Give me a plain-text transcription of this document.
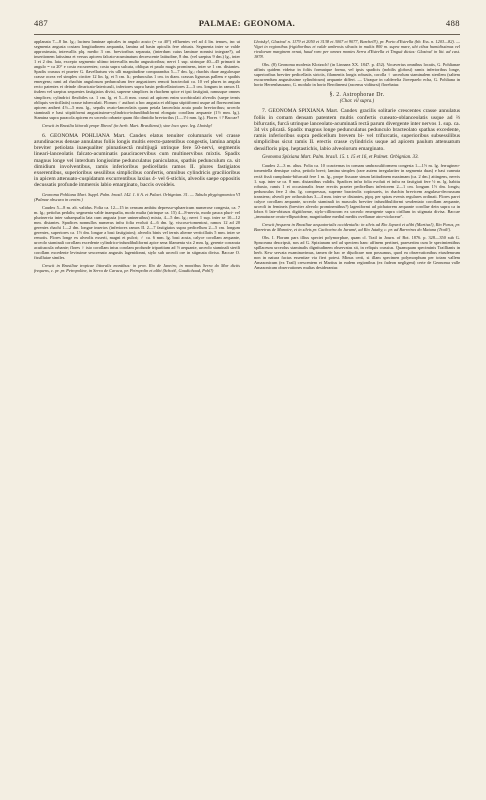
487	PALMAE: GEONOMA.	488

applanata 7—8 lin. lg.; lacinea laminae apicales in angulo acuto (= ca 40°) effluentes vel ad 4 lin. tenues, inc ut segmenta angusta costam longitudinem aequantia, lamina ad basin apiculis fere obtusis. Segmenta inter se valde approximata, intervallis plq. medio 3 cm. brevioribus separata, (interdum cuius laminae nonnisi integrae?), ad insertionem latissima et versus apicem falcato-acuminatum decrescente latitudine, 8 dm. (vel saepius 9 dm.) lg., inter 1 et 2 dm. lata, excepto segmento ultimo intervallis multo angustioribus; nervi 1 sup. utrinque 40—45 primarii in angulo = ca 20° e costa excurrentes; costa supra sulcata, obliqua et paulo magis prominens, inter se 1 cm. distantes. Spadix crassus et praeter G. flavellarium vix ulli magnitudine comparandus 5—7 dm. lg.; rhachis duae angulosque crasse ocrea vel simplex circiter 12 lin. lg. et 5 cm. lt.; pedunculus 1 cm. in diam. crassus lignosus pallens e spathis emergens; rami ad rhachin angulosum pedunculum fere angustiores remoti bracteolati ca. 10 vel plures in angulo recto patentes et deinde divaricato-latericauli, inferiores supra basin pedicellatoriores 2—3 cm. longum in ramos II. iisdem vel saepius sequentes fastigiatos divisi, superne simplices in rhachem spice et ipsi fastigiati, ramusque omnes simplices; cylindrici flexibiles ca. 1 cm. lg. et 5—6 mm. crassi ad apicem enim scrobiculati alveolis (saepe ternis obliquis verticillatis) crasse tuberculati. Florum ♂ authori a hoc angusta et obliqua stipitiformi usque ad florescentiam apicem antheri 4½—5 mm. lg., sepalis ovato-lanceolatis quam petala lanceolata acuta paulo brevioribus; urceolo staminali e basi stipitiformi angustissime-cylindrico-infundibuliformi elongato corollam aequante (1½ mm. lg.). Stamina supra paracola apicem ex urceolo orbante quam filo dimidio breviorilus (1—1½ mm. lg.). Flores ♀? Baccae?

Crescit in Brasilia littorali prope Ilheos! (in herb. Mart. Brasiliensi); sine loco spec. leg. Lhotsky!

6. GEONOMA POHLIANA Mart. Candex elatus tenuiter columnaris vel crasse arundinaceus densae annulatus foliis longis multis erecto-patentibus congestis, lamina ampla breviter petiolata inaequaliter pinnatisectă multijugă utrinque fere 50-nervi, segmentis lineari-lanceolatis falcato-acuminatis pauciracervibus cum multinervibus mixtis. Spadix magnus longe vel interdum longissime pedunculatus paniculatus, spathis pedunculum ca. sit dimidium involventibus, ramis inferioribus pedicellatis ramos II. plures fastigiatos exserentibus, superioribus sessilibus simplicibus confertis, omnibus cylindricis gracilioribus in apicem attenuato-cuspidatum excurrentibus laxius 4- vel 6-stichis, alveolis saepe oppositis decussatis profunde immersis labio emarginato, baccis ovoideis.

Geonoma Pohliana Mart. Suppl. Palm. brasil. 142. 1. 6 A. et Palaet. Orbignian. 31. — Tabula phygiognomica VI (Palmae obscura in centro.)

Caudex 5—8 m. alt. validus. Folia ca. 12—15 in censum ambitu depresso-sphaericum numerose congesta, ca. 7 m. lg.; petiolus pedalis; segmenta valde inaequalia, modo multa (utrinque ca. 15) 4—8-nervia, modo pauca pluri- vel plurinervia inter subaequalia lata cum angusta (rare unineruibus) mixta, 4—5 dm. lg.; nervi 1 sup. inter se 10—12 mm. distantes. Spadices nonnullos numerus infra folia evoluti 4—6 dm. lg. viscoso-tomentosi, ramos 12 ad 20 gerentes rhachi 1—2 dm. longae insertos (inferiores ramos II. 2—7 fastigiatos supra pedicellum 2—5 cm. longum gerentes, superiores ca. 1½ dm. longae a basi fastigiatos); alveolis binis vel ternis alterne verticillatis 5 mm. inter se remotis. Flores longe ex alveolis exserti, magni et pulcri; ♂ ca. 6 mm. lg. basi acuta, calyce corollam aequante, urceolo staminali corollam excedente cylindrico-infundibuliformi apice sena filamenta vix 2 mm. lg. gerente corrarata acutiuscula orbante; flores ♀ isto corollam intus corolam profunde tripartitam ad ½ aequante, urceolo staminali sterili corollam excedente levissime sexcrenato angustis lagenidonni, stylo sub urceoli ore in stigmata divisa. Baccae O. fissilluiae similes.

Crescit in Brasiliae tropicae littoralis montibus: in prov. Rio de Janeiro, in montibus Serra do Mar dictis frequens, c. pr. pr. Petropoline, in Serra de Caraca, pr. Petropolin et alibi (Schott!, Gaudichaud, Pohl!)

Lhotsky!, Glaziou! n. 1179 et 2050 et 3138 et 3007 et 9077, Burchell!), pr. Porto d'Estrella (bb. Ess. n. 1203—82). — Viget in regionibus frigidioribus et valde umbrosis silvatis in multis 800 m. supra mare, ubi cibus humidissimus vel rivulorum marginem ornat, haud raro per omnes montes Serra d'Estrella et Tinguá dictas: Glaziou! in litt. ad cast. 1878.

Obs. (8) Geonoma modesta Klotzsch! (in Linnaea XX. 1847. p. 452). Vocaverius omnibus locatis, G. Pohlianae affinis quidem videtur in foliis formatque forma, vel ipsis spadicis (nobilis globosi) ramis inferioribus longe, superioribus breviter pedicellatis strictis, filamentis longis robustis, corolla ♀ urceolum staminalem sterilem (saltem excurrendum angustissime cylindricum) aequante differt. — Utraque in calderelia Jiovepaelo echa, G. Pohliana in horto Herrenhausano, G. modulo in horto Berolinensi (ascensu viditursi) florebatur.

§. 2. Astrophorae Dr.

(Char. vil supra.)

7. GEONOMA SPIXIANA Mart. Candex gracilis solitarie crescentes crasse annulatus foliis in comam densam patentem multis confertis cuneato-oblanceolatis usque ad ⅔ bifurcatis, furcā utrinque lanceolato-acuminatā rectā parum divergente inter nervos 1. sup. ca. 34 vix plicatā. Spadix magnus longe pedunculatus pedunculo bracteolato spathas excedente, ramis inferioribus supra pedicellum brevem bi- vel trifurcatis, superioribus subsessilibus simplicibus sicut ramis II. erectis crasse cylindricis usque ad apicem paulum attenuatum densifloris pipq. heptastichis, labio alveolorum emarginato.

Geonoma Spixiana Mart. Palm. brasil. 15. t. 15 et 16, et Palmet. Orbignian. 33.

Caudex 2—3 m. altus. Folia ca. 10 coacternas in comam umbraculiformem congesta 1—1½ m. lg. ferrugineo-tomentella densique calva, petiolo brevi; lamina simplex (rare autem irregulariter in segmenta duas) e basi cuneata rectā fissā cumplanio-bifurcatā fere 1 m. lg., prope fissurae sinum latitudinem maximam (ca. 2 dm.) attingens, nervis 1. sup. inter se ca. 8 mm. distantibus validis. Spadices infra folia evoluti et infra ea fastigiati fere ½ m. lg. habitu robusto, ramis 1 et occasionalis ferae erectis praeter pedicellum inferiorem 2—1 cm. longum 1½ dm. longis; pedunculus fere 2 dm. lg. compressus, superne bracteolis copiosaeis, in rhachin brevicem angulaso-decrussum transiens; alveoli per orthostichas 3—4 mm. inter se distantes, pipq. per spiras evenis regulares ordinati. Flores parvi calyce corollam aequante, urceolo staminali in masculis breviter infundibuliformi sexdentato corollam aequante, urceoli in femineis (breviter alveolo prominentibus?) lageniformi ad pichatorem aequante corollae dein supra ca in lobos 6 late-obtusos digitiforme, stylo-cillincrom ex urceolo emergente supra cirillum in stigmata divisa. Baccae „immaturae ovato-ellipsoideae, magnitudine mediul mediis ovellanae atro-violaceae".

Crescit frequens in Brasiliae aequatorialis occidentalis: in silvis ad Rio Japurá et alibi (Martius!), Rio Purus, pr. Barreiras de Manoire, et in silvis pr. Cachoeira do Jurumé, ad Rio Jutahy, c. pr. ad Barreiras do Matuna (Trail!).

Obs. I. Florum pars illius speciei polymorphae, quam cl. Trail in Journ. of Bot. 1876. p. 328—350 sub G. Spruceana descripsit, nos ad G. Spixianam sed ad speciem hanc affinem pertinet, praesertim cum le specimientibus spillaceum urceolus staminalis dignitudinem observatas sit, in reliquis crassius. Quamquam speciminis Traillianis in herb. Kew servata examinavimus, tamen de hac re dijudicare non possumus, quod ea observationibus eiusdemrum non in natura factas essentiae via fieri potest. Minus certi, si illam specimen polymorphum per totam vallem Amazonicum (ex Trail) crescentem et Martius in eadem regionibus (ex fadeon negligent) certe de Geonoma valle Amazonicam observationes multas desiderantur.
